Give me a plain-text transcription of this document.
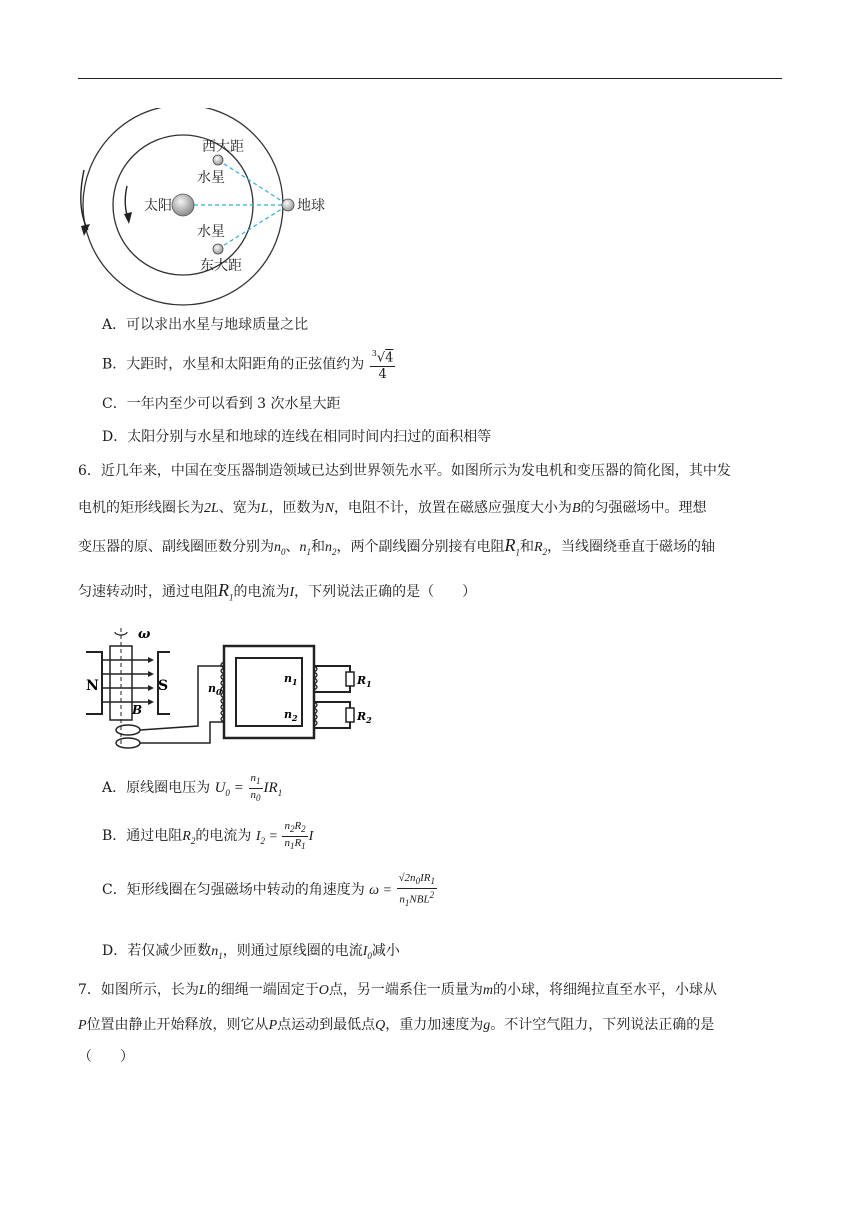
西大距
水星
太阳	地球
水星
东大距
A．可以求出水星与地球质量之比
B．大距时，水星和太阳距角的正弦值约为 $\frac{^3√4}{4}$
C．一年内至少可以看到 3 次水星大距
D．太阳分别与水星和地球的连线在相同时间内扫过的面积相等
6．近几年来，中国在变压器制造领域已达到世界领先水平。如图所示为发电机和变压器的简化图，其中发
电机的矩形线圈长为2L、宽为L，匝数为N，电阻不计，放置在磁感应强度大小为B的匀强磁场中。理想
变压器的原、副线圈匝数分别为$n_0$、$n_1$和$n_2$，两个副线圈分别接有电阻$R_1$和$R_2$，当线圈绕垂直于磁场的轴
匀速转动时，通过电阻$R_1$的电流为I，下列说法正确的是（　　）
ω
N	S
B
$n_0$
$n_1$
$n_2$
$R_1$
$R_2$
A．原线圈电压为 $U_0 = \frac{n_1}{n_0} IR_1$
B．通过电阻$R_2$的电流为 $I_2 = \frac{n_2R_2}{n_1R_1}$ I
C．矩形线圈在匀强磁场中转动的角速度为 $\omega = \frac{√2n_0IR_1}{n_1NBL^2}$
D．若仅减少匝数$n_1$，则通过原线圈的电流$I_0$减小
7．如图所示，长为L的细绳一端固定于O点，另一端系住一质量为m的小球，将细绳拉直至水平，小球从
P位置由静止开始释放，则它从P点运动到最低点Q，重力加速度为g。不计空气阻力，下列说法正确的是
（　　）
